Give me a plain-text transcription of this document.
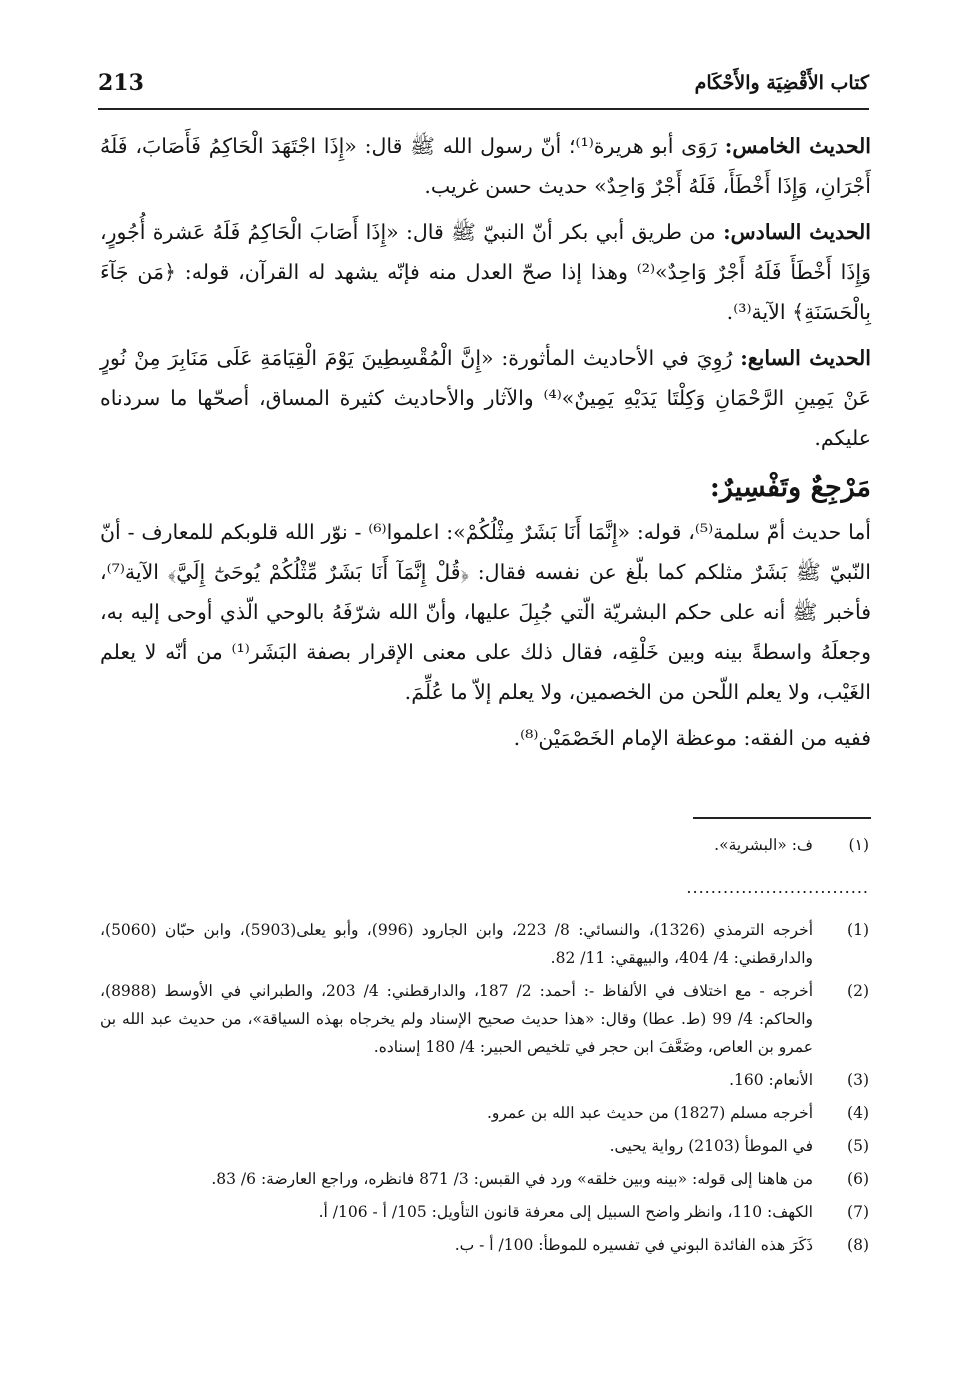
كتاب الأَقْضِيَة والأَحْكَام
213

الحديث الخامس: رَوَى أبو هريرة⁽¹⁾؛ أنّ رسول الله ﷺ قال: «إِذَا اجْتَهَدَ الْحَاكِمُ فَأَصَابَ، فَلَهُ أَجْرَانِ، وَإِذَا أَخْطَأَ، فَلَهُ أَجْرٌ وَاحِدٌ» حديث حسن غريب.

الحديث السادس: من طريق أبي بكر أنّ النبيّ ﷺ قال: «إِذَا أَصَابَ الْحَاكِمُ فَلَهُ عَشرة أُجُورٍ، وَإِذَا أَخْطَأَ فَلَهُ أَجْرٌ وَاحِدٌ»⁽²⁾ وهذا إذا صحّ العدل منه فإنّه يشهد له القرآن، قوله: ﴿مَن جَآءَ بِالْحَسَنَةِ﴾ الآية⁽³⁾.

الحديث السابع: رُوِيَ في الأحاديث المأثورة: «إِنَّ الْمُقْسِطِينَ يَوْمَ الْقِيَامَةِ عَلَى مَنَابِرَ مِنْ نُورٍ عَنْ يَمِينِ الرَّحْمَانِ وَكِلْتَا يَدَيْهِ يَمِينٌ»⁽⁴⁾ والآثار والأحاديث كثيرة المساق، أصحّها ما سردناه عليكم.

مَرْجِعٌ وتَفْسِيرٌ:

أما حديث أمّ سلمة⁽⁵⁾، قوله: «إِنَّمَا أَنَا بَشَرٌ مِثْلُكُمْ»: اعلموا⁽⁶⁾ - نوّر الله قلوبكم للمعارف - أنّ النّبيّ ﷺ بَشَرٌ مثلكم كما بلّغ عن نفسه فقال: ﴿قُلْ إِنَّمَآ أَنَا بَشَرٌ مِّثْلُكُمْ يُوحَىٰٓ إِلَيَّ﴾ الآية⁽⁷⁾، فأخبر ﷺ أنه على حكم البشريّة الّتي جُبِلَ عليها، وأنّ الله شرّفَهُ بالوحي الّذي أوحى إليه به، وجعلَهُ واسطةً بينه وبين خَلْقِه، فقال ذلك على معنى الإقرار بصفة البَشَر⁽¹⁾ من أنّه لا يعلم الغَيْب، ولا يعلم اللّحن من الخصمين، ولا يعلم إلاّ ما عُلِّمَ.

ففيه من الفقه: موعظة الإمام الخَصْمَيْن⁽⁸⁾.

(١)
ف: «البشرية».
..............................
(1)
أخرجه الترمذي (1326)، والنسائي: 8/ 223، وابن الجارود (996)، وأبو يعلى(5903)، وابن حبّان (5060)، والدارقطني: 4/ 404، والبيهقي: 11/ 82.
(2)
أخرجه - مع اختلاف في الألفاظ -: أحمد: 2/ 187، والدارقطني: 4/ 203، والطبراني في الأوسط (8988)، والحاكم: 4/ 99 (ط. عطا) وقال: «هذا حديث صحيح الإسناد ولم يخرجاه بهذه السياقة»، من حديث عبد الله بن عمرو بن العاص، وضَعَّفَ ابن حجر في تلخيص الحبير: 4/ 180 إسناده.
(3)
الأنعام: 160.
(4)
أخرجه مسلم (1827) من حديث عبد الله بن عمرو.
(5)
في الموطأ (2103) رواية يحيى.
(6)
من هاهنا إلى قوله: «بينه وبين خلقه» ورد في القبس: 3/ 871 فانظره، وراجع العارضة: 6/ 83.
(7)
الكهف: 110، وانظر واضح السبيل إلى معرفة قانون التأويل: 105/ أ - 106/ أ.
(8)
ذَكَرَ هذه الفائدة البوني في تفسيره للموطأ: 100/ أ - ب.
